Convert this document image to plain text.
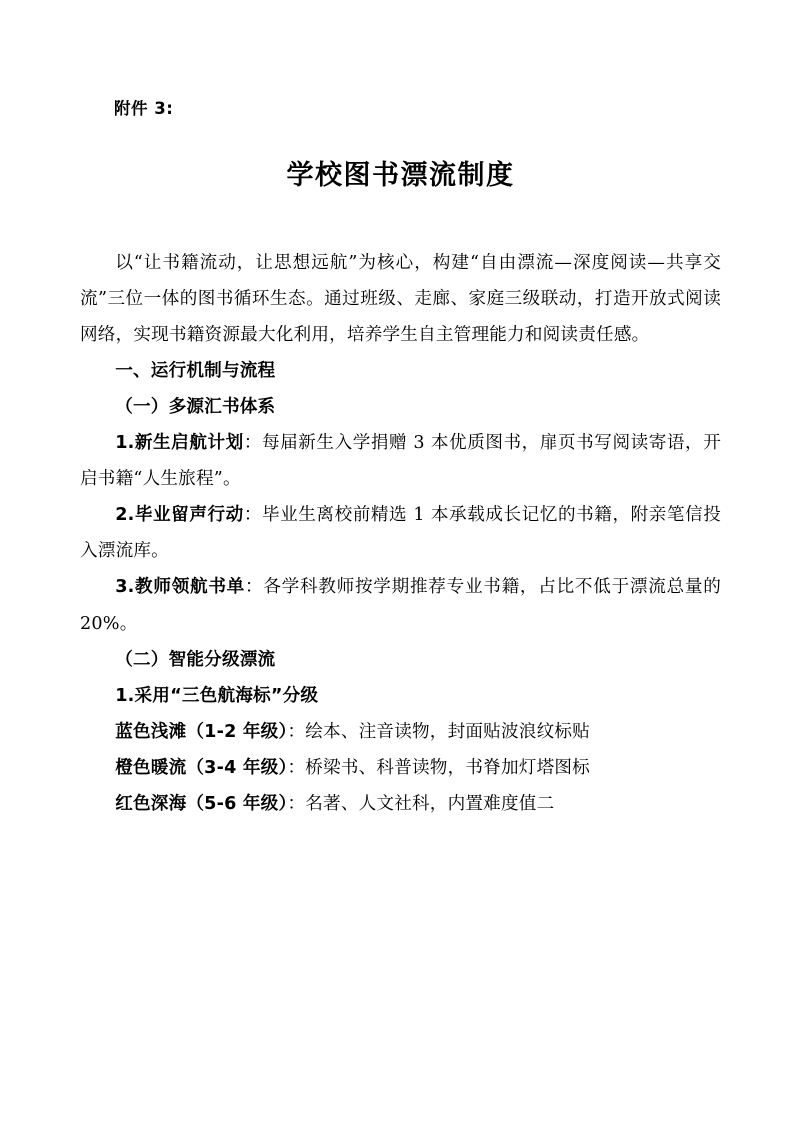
附件 3:

学校图书漂流制度

以“让书籍流动，让思想远航”为核心，构建“自由漂流—深度阅读—共享交流”三位一体的图书循环生态。通过班级、走廊、家庭三级联动，打造开放式阅读网络，实现书籍资源最大化利用，培养学生自主管理能力和阅读责任感。

一、运行机制与流程

（一）多源汇书体系

1.新生启航计划：每届新生入学捐赠 3 本优质图书，扉页书写阅读寄语，开启书籍“人生旅程”。

2.毕业留声行动：毕业生离校前精选 1 本承载成长记忆的书籍，附亲笔信投入漂流库。

3.教师领航书单：各学科教师按学期推荐专业书籍，占比不低于漂流总量的 20%。

（二）智能分级漂流

1.采用“三色航海标”分级

蓝色浅滩（1-2 年级）：绘本、注音读物，封面贴波浪纹标贴

橙色暖流（3-4 年级）：桥梁书、科普读物，书脊加灯塔图标

红色深海（5-6 年级）：名著、人文社科，内置难度值二
